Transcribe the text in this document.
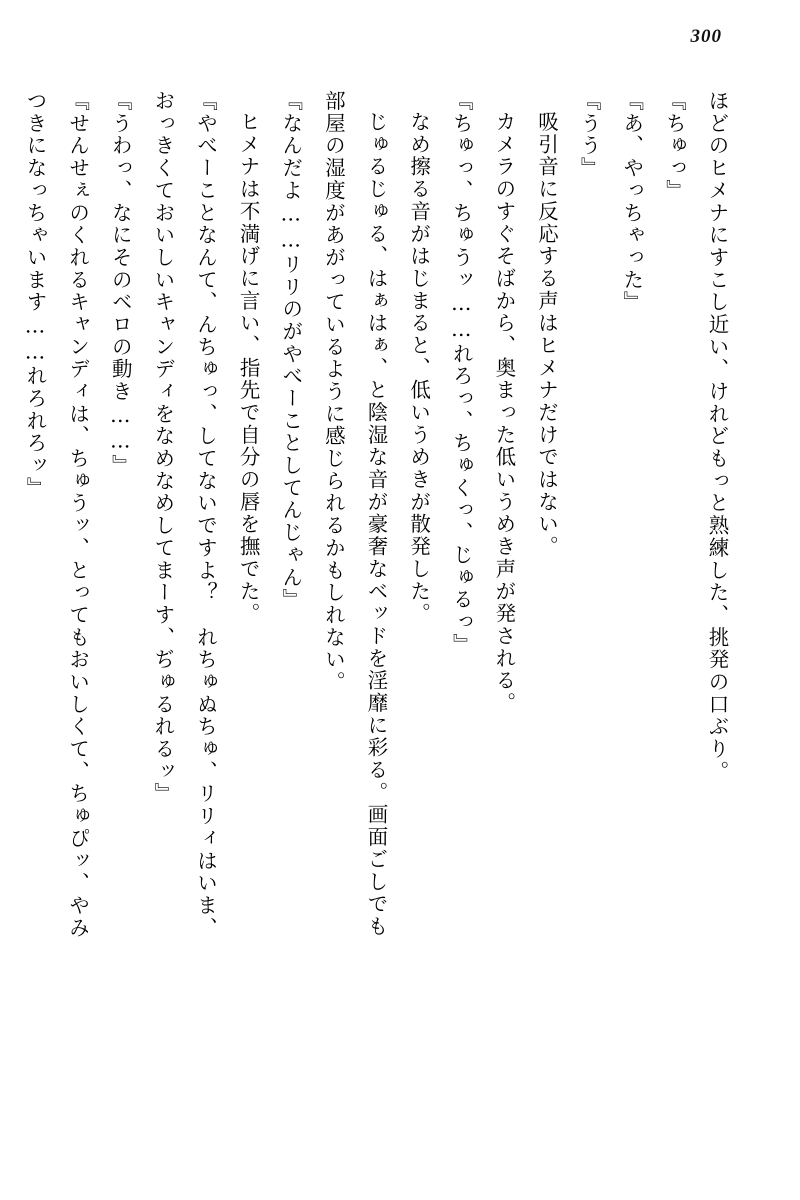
300

ほどのヒメナにすこし近い、けれどもっと熟練した、挑発の口ぶり。

『ちゅっ』

『あ、やっちゃった』

『うう』

吸引音に反応する声はヒメナだけではない。

カメラのすぐそばから、奥まった低いうめき声が発される。

『ちゅっ、ちゅうッ……れろっ、ちゅくっ、じゅるっ』

なめ擦る音がはじまると、低いうめきが散発した。

じゅるじゅる、はぁはぁ、と陰湿な音が豪奢なベッドを淫靡に彩る。画面ごしでも

部屋の湿度があがっているように感じられるかもしれない。

『なんだよ……リリのがやべーことしてんじゃん』

ヒメナは不満げに言い、指先で自分の唇を撫でた。

『やべーことなんて、んちゅっ、してないですよ？　れちゅぬちゅ、リリィはいま、

おっきくておいしいキャンディをなめなめしてまーす、ぢゅるれるッ』

『うわっ、なにそのベロの動き……』

『せんせぇのくれるキャンディは、ちゅうッ、とってもおいしくて、ちゅぴッ、やみ

つきになっちゃいます……れろれろッ』
